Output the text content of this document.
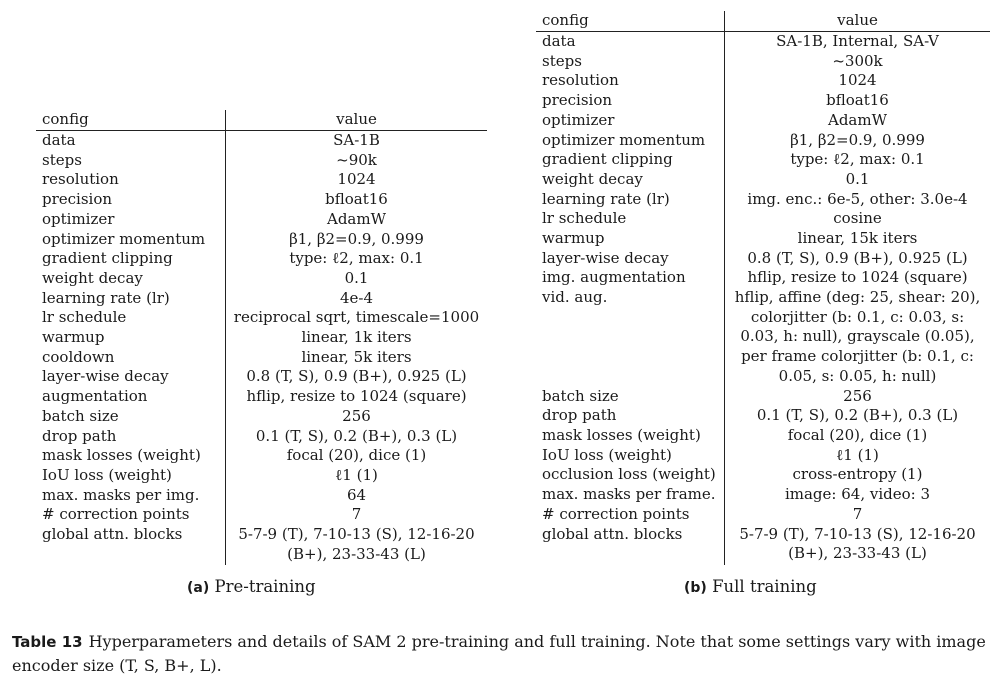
config	value
data	SA-1B
steps	~90k
resolution	1024
precision	bfloat16
optimizer	AdamW
optimizer momentum	β1, β2=0.9, 0.999
gradient clipping	type: ℓ2, max: 0.1
weight decay	0.1
learning rate (lr)	4e-4
lr schedule	reciprocal sqrt, timescale=1000
warmup	linear, 1k iters
cooldown	linear, 5k iters
layer-wise decay	0.8 (T, S), 0.9 (B+), 0.925 (L)
augmentation	hflip, resize to 1024 (square)
batch size	256
drop path	0.1 (T, S), 0.2 (B+), 0.3 (L)
mask losses (weight)	focal (20), dice (1)
IoU loss (weight)	ℓ1 (1)
max. masks per img.	64
# correction points	7
global attn. blocks	5-7-9 (T), 7-10-13 (S), 12-16-20
(B+), 23-33-43 (L)
config	value
data	SA-1B, Internal, SA-V
steps	~300k
resolution	1024
precision	bfloat16
optimizer	AdamW
optimizer momentum	β1, β2=0.9, 0.999
gradient clipping	type: ℓ2, max: 0.1
weight decay	0.1
learning rate (lr)	img. enc.: 6e-5, other: 3.0e-4
lr schedule	cosine
warmup	linear, 15k iters
layer-wise decay	0.8 (T, S), 0.9 (B+), 0.925 (L)
img. augmentation	hflip, resize to 1024 (square)
vid. aug.	hflip, affine (deg: 25, shear: 20),
colorjitter (b: 0.1, c: 0.03, s:
0.03, h: null), grayscale (0.05),
per frame colorjitter (b: 0.1, c:
0.05, s: 0.05, h: null)
batch size	256
drop path	0.1 (T, S), 0.2 (B+), 0.3 (L)
mask losses (weight)	focal (20), dice (1)
IoU loss (weight)	ℓ1 (1)
occlusion loss (weight)	cross-entropy (1)
max. masks per frame.	image: 64, video: 3
# correction points	7
global attn. blocks	5-7-9 (T), 7-10-13 (S), 12-16-20
(B+), 23-33-43 (L)
(a) Pre-training	(b) Full training
Table 13 Hyperparameters and details of SAM 2 pre-training and full training. Note that some settings vary with image encoder size (T, S, B+, L).
